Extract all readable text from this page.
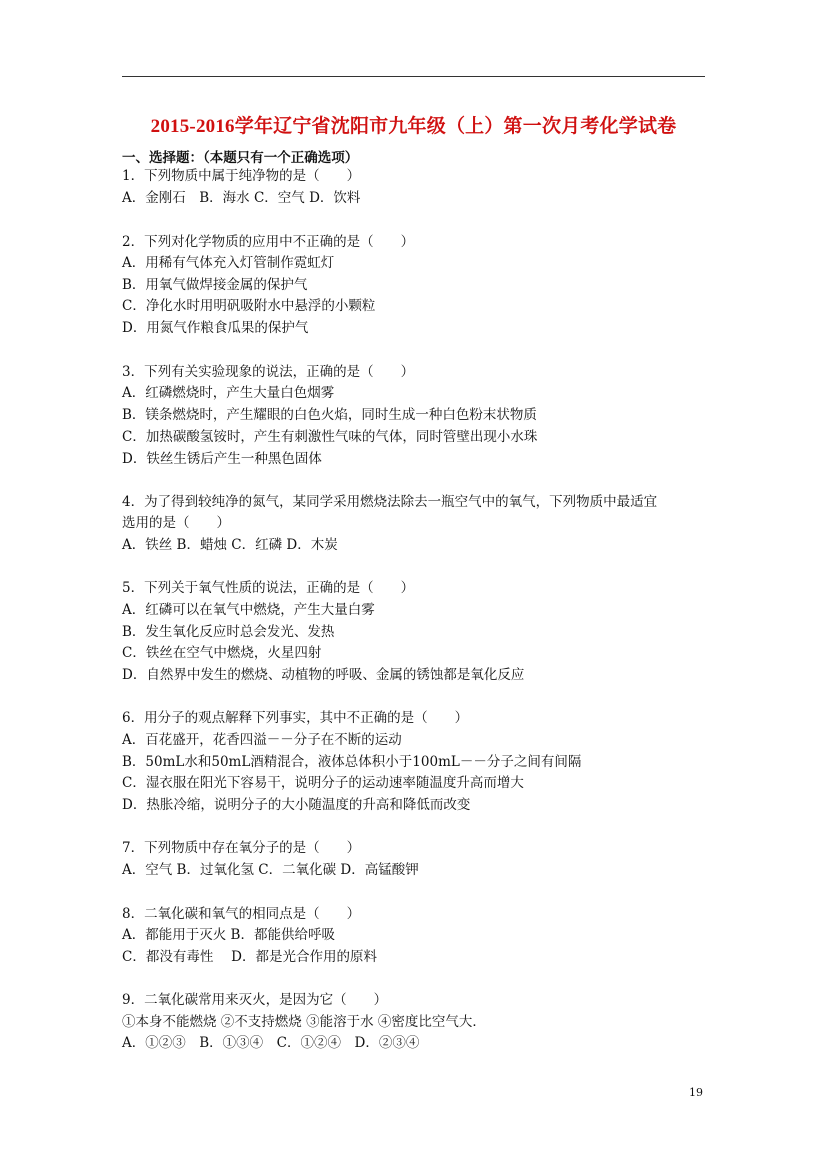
2015-2016学年辽宁省沈阳市九年级（上）第一次月考化学试卷
一、选择题：（本题只有一个正确选项）
1．下列物质中属于纯净物的是（　　）
A．金刚石　B．海水 C．空气 D．饮料
2．下列对化学物质的应用中不正确的是（　　）
A．用稀有气体充入灯管制作霓虹灯
B．用氧气做焊接金属的保护气
C．净化水时用明矾吸附水中悬浮的小颗粒
D．用氮气作粮食瓜果的保护气
3．下列有关实验现象的说法，正确的是（　　）
A．红磷燃烧时，产生大量白色烟雾
B．镁条燃烧时，产生耀眼的白色火焰，同时生成一种白色粉末状物质
C．加热碳酸氢铵时，产生有刺激性气味的气体，同时管壁出现小水珠
D．铁丝生锈后产生一种黑色固体
4．为了得到较纯净的氮气，某同学采用燃烧法除去一瓶空气中的氧气，下列物质中最适宜
选用的是（　　）
A．铁丝 B．蜡烛 C．红磷 D．木炭
5．下列关于氧气性质的说法，正确的是（　　）
A．红磷可以在氧气中燃烧，产生大量白雾
B．发生氧化反应时总会发光、发热
C．铁丝在空气中燃烧，火星四射
D．自然界中发生的燃烧、动植物的呼吸、金属的锈蚀都是氧化反应
6．用分子的观点解释下列事实，其中不正确的是（　　）
A．百花盛开，花香四溢－－分子在不断的运动
B．50mL水和50mL酒精混合，液体总体积小于100mL－－分子之间有间隔
C．湿衣服在阳光下容易干，说明分子的运动速率随温度升高而增大
D．热胀冷缩，说明分子的大小随温度的升高和降低而改变
7．下列物质中存在氧分子的是（　　）
A．空气 B．过氧化氢 C．二氧化碳 D．高锰酸钾
8．二氧化碳和氧气的相同点是（　　）
A．都能用于灭火 B．都能供给呼吸
C．都没有毒性　 D．都是光合作用的原料
9．二氧化碳常用来灭火，是因为它（　　）
①本身不能燃烧 ②不支持燃烧 ③能溶于水 ④密度比空气大．
A．①②③　B．①③④　C．①②④　D．②③④
19
